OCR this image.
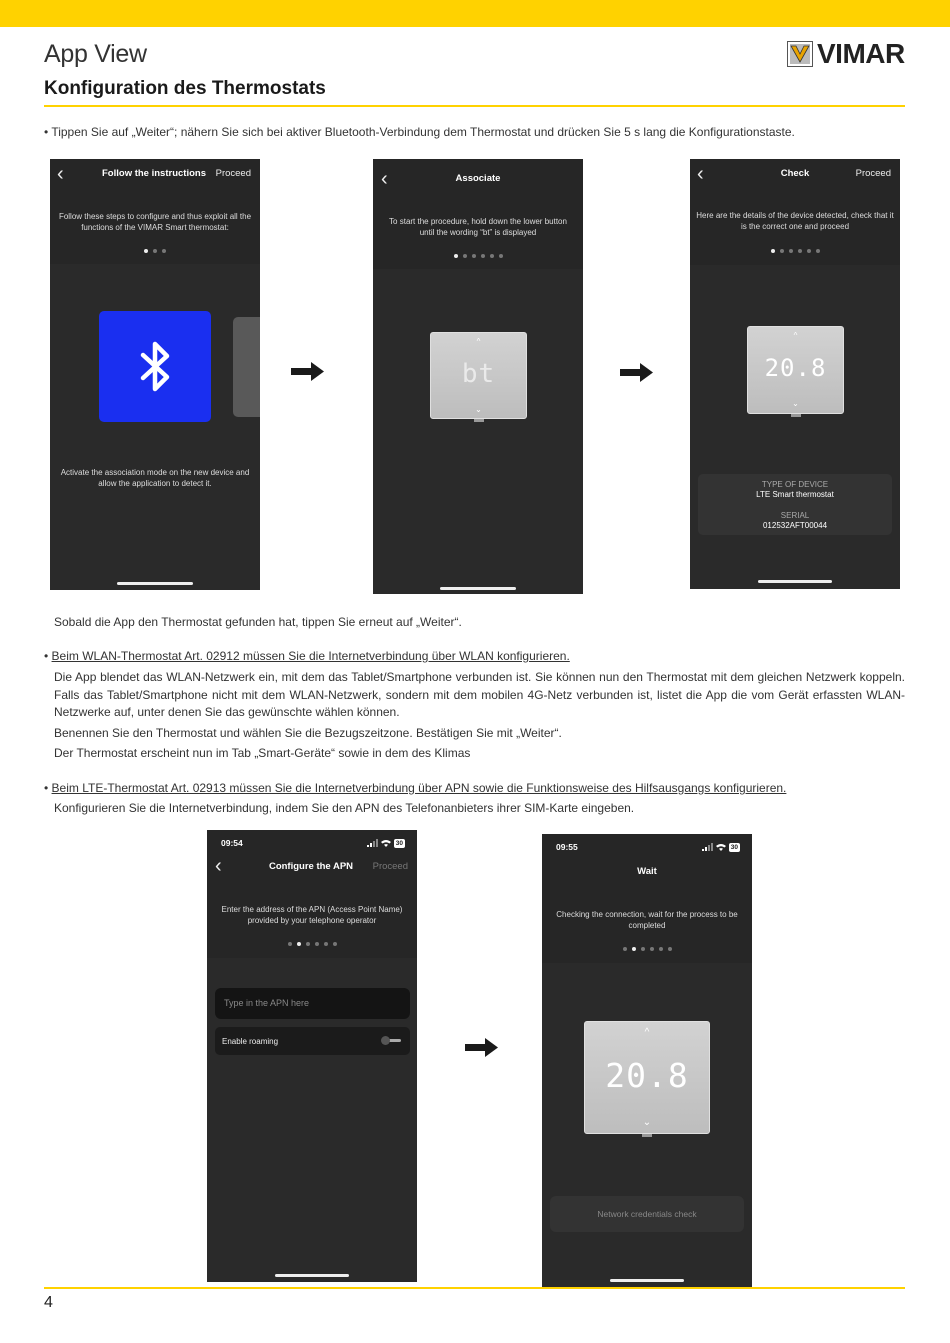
App View	VIMAR
Konfiguration des Thermostats
• Tippen Sie auf „Weiter“; nähern Sie sich bei aktiver Bluetooth-Verbindung dem Thermostat und drücken Sie 5 s lang die Konfigurationstaste.
‹	Follow the instructions	Proceed
Follow these steps to configure and thus exploit all the functions of the VIMAR Smart thermostat:
Activate the association mode on the new device and allow the application to detect it.
‹	Associate
To start the procedure, hold down the lower button until the wording “bt” is displayed
^
bt
⌄
‹	Check	Proceed
Here are the details of the device detected, check that it is the correct one and proceed
^
20.8
⌄
TYPE OF DEVICE
LTE Smart thermostat
SERIAL
012532AFT00044
Sobald die App den Thermostat gefunden hat, tippen Sie erneut auf „Weiter“.
• Beim WLAN-Thermostat Art. 02912 müssen Sie die Internetverbindung über WLAN konfigurieren.
Die App blendet das WLAN-Netzwerk ein, mit dem das Tablet/Smartphone verbunden ist. Sie können nun den Thermostat mit dem gleichen Netzwerk koppeln. Falls das Tablet/Smartphone nicht mit dem WLAN-Netzwerk, sondern mit dem mobilen 4G-Netz verbunden ist, listet die App die vom Gerät erfassten WLAN-Netzwerke auf, unter denen Sie das gewünschte wählen können.
Benennen Sie den Thermostat und wählen Sie die Bezugszeitzone. Bestätigen Sie mit „Weiter“.
Der Thermostat erscheint nun im Tab „Smart-Geräte“ sowie in dem des Klimas
• Beim LTE-Thermostat Art. 02913 müssen Sie die Internetverbindung über APN sowie die Funktionsweise des Hilfsausgangs konfigurieren.
Konfigurieren Sie die Internetverbindung, indem Sie den APN des Telefonanbieters ihrer SIM-Karte eingeben.
09:54	30
‹	Configure the APN	Proceed
Enter the address of the APN (Access Point Name) provided by your telephone operator
Type in the APN here
Enable roaming
09:55	30
Wait
Checking the connection, wait for the process to be completed
^
20.8
⌄
Network credentials check
4
